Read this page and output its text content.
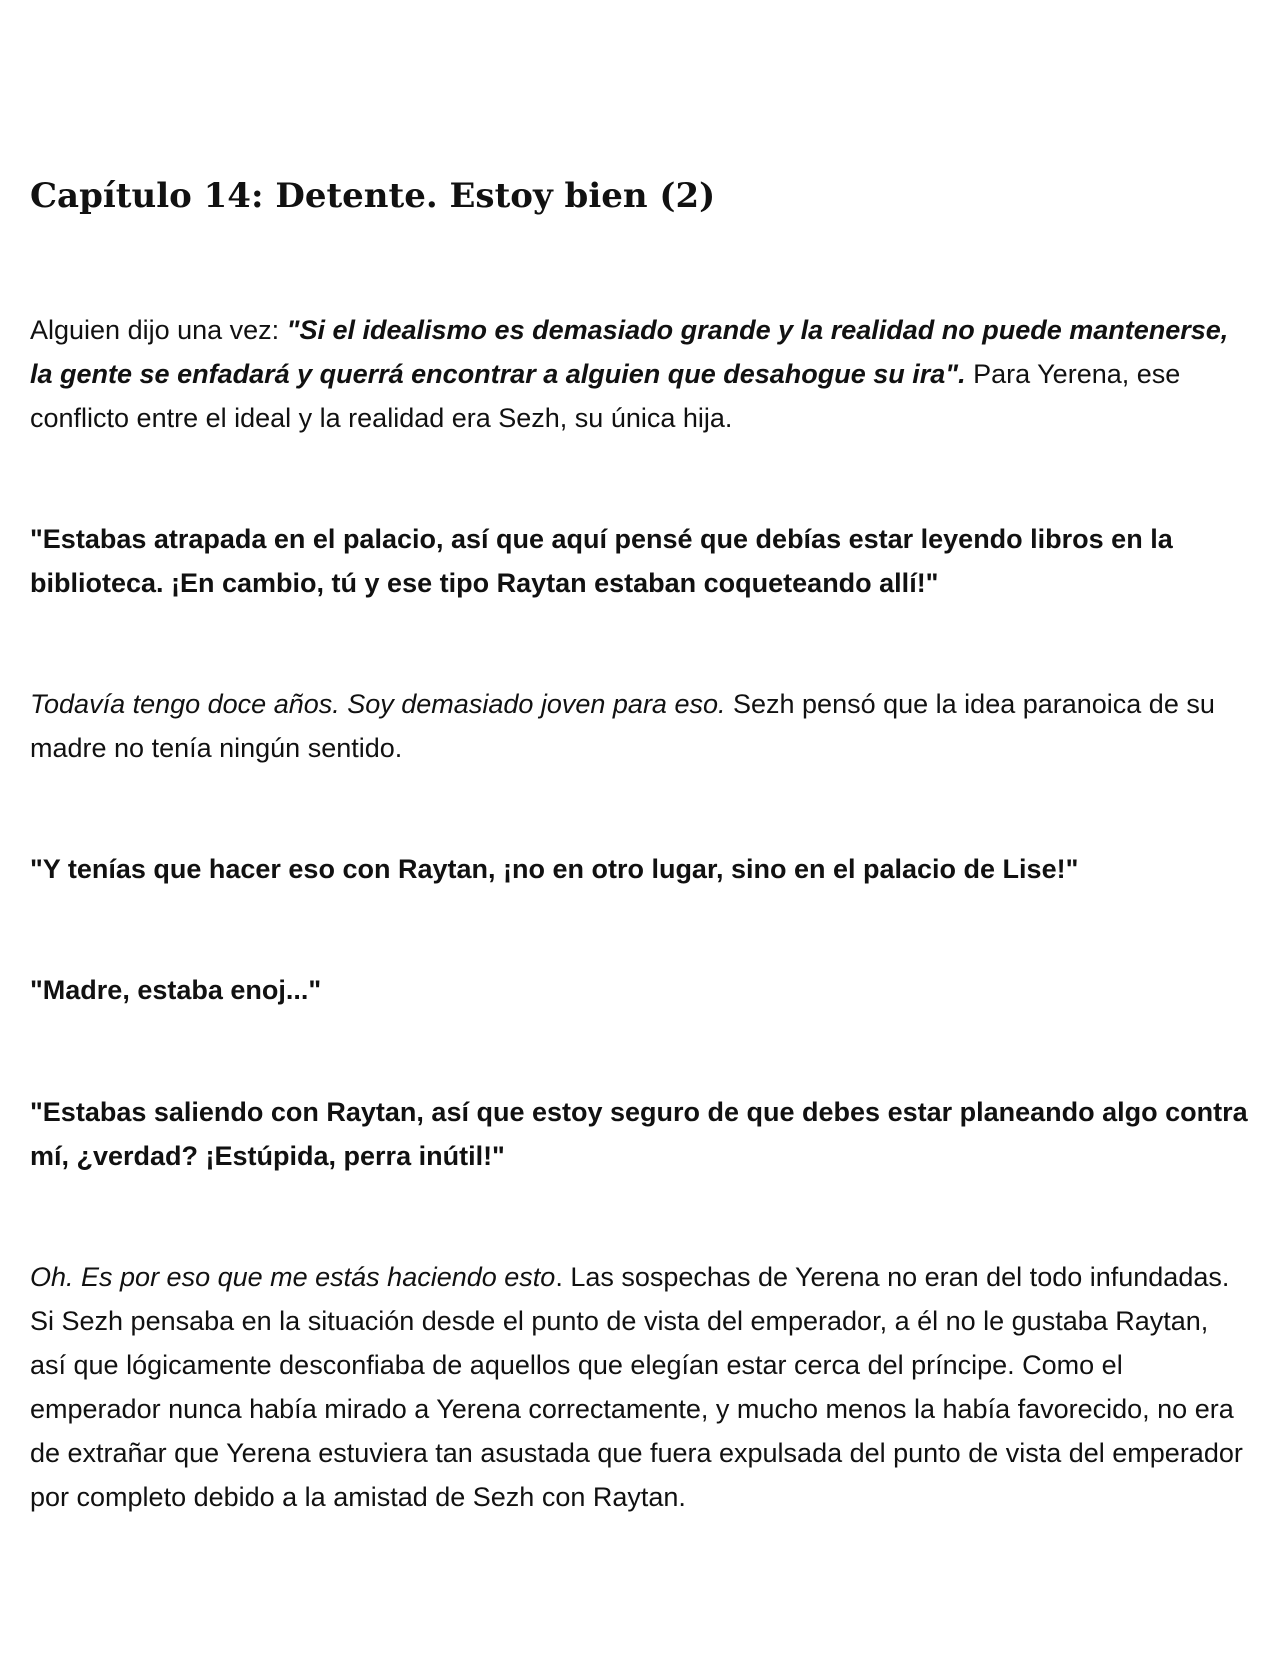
Capítulo 14: Detente. Estoy bien (2)

Alguien dijo una vez: "Si el idealismo es demasiado grande y la realidad no puede mantenerse, la gente se enfadará y querrá encontrar a alguien que desahogue su ira". Para Yerena, ese conflicto entre el ideal y la realidad era Sezh, su única hija.

"Estabas atrapada en el palacio, así que aquí pensé que debías estar leyendo libros en la biblioteca. ¡En cambio, tú y ese tipo Raytan estaban coqueteando allí!"

Todavía tengo doce años. Soy demasiado joven para eso. Sezh pensó que la idea paranoica de su madre no tenía ningún sentido.

"Y tenías que hacer eso con Raytan, ¡no en otro lugar, sino en el palacio de Lise!"

"Madre, estaba enoj..."

"Estabas saliendo con Raytan, así que estoy seguro de que debes estar planeando algo contra mí, ¿verdad? ¡Estúpida, perra inútil!"

Oh. Es por eso que me estás haciendo esto. Las sospechas de Yerena no eran del todo infundadas. Si Sezh pensaba en la situación desde el punto de vista del emperador, a él no le gustaba Raytan, así que lógicamente desconfiaba de aquellos que elegían estar cerca del príncipe. Como el emperador nunca había mirado a Yerena correctamente, y mucho menos la había favorecido, no era de extrañar que Yerena estuviera tan asustada que fuera expulsada del punto de vista del emperador por completo debido a la amistad de Sezh con Raytan.
